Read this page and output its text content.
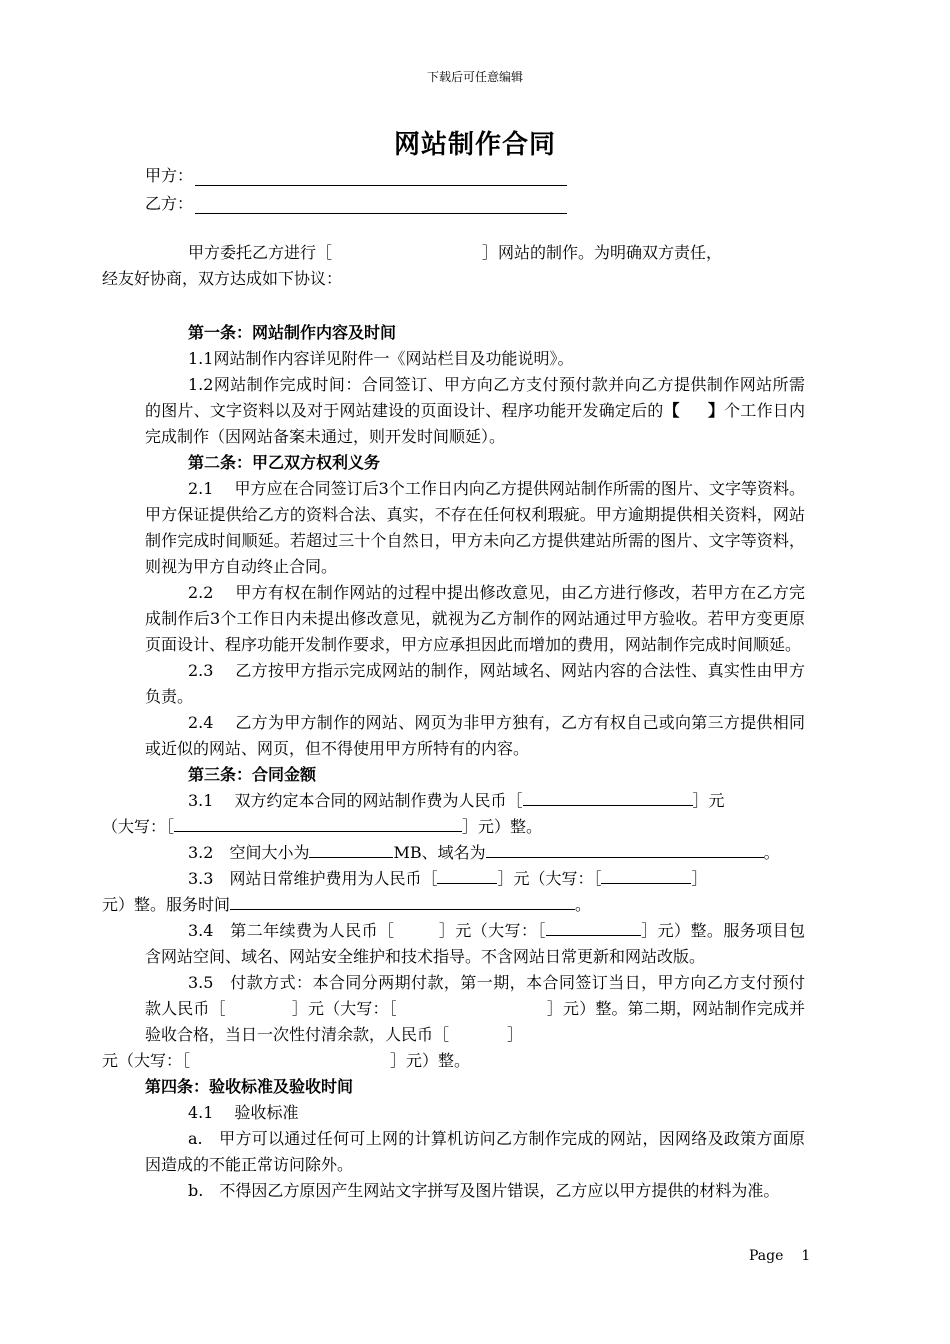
下载后可任意编辑
网站制作合同
甲方：
乙方：

甲方委托乙方进行［	］网站的制作。为明确双方责任，
经友好协商，双方达成如下协议：

第一条：网站制作内容及时间

1.1网站制作内容详见附件一《网站栏目及功能说明》。

1.2网站制作完成时间：合同签订、甲方向乙方支付预付款并向乙方提供制作网站所需的图片、文字资料以及对于网站建设的页面设计、程序功能开发确定后的【 】个工作日内完成制作（因网站备案未通过，则开发时间顺延）。

第二条：甲乙双方权利义务

2.1　 甲方应在合同签订后3个工作日内向乙方提供网站制作所需的图片、文字等资料。甲方保证提供给乙方的资料合法、真实，不存在任何权利瑕疵。甲方逾期提供相关资料，网站制作完成时间顺延。若超过三十个自然日，甲方未向乙方提供建站所需的图片、文字等资料，则视为甲方自动终止合同。

2.2　 甲方有权在制作网站的过程中提出修改意见，由乙方进行修改，若甲方在乙方完成制作后3个工作日内未提出修改意见，就视为乙方制作的网站通过甲方验收。若甲方变更原页面设计、程序功能开发制作要求，甲方应承担因此而增加的费用，网站制作完成时间顺延。

2.3　 乙方按甲方指示完成网站的制作，网站域名、网站内容的合法性、真实性由甲方负责。

2.4　 乙方为甲方制作的网站、网页为非甲方独有，乙方有权自己或向第三方提供相同或近似的网站、网页，但不得使用甲方所特有的内容。

第三条：合同金额

3.1　 双方约定本合同的网站制作费为人民币［	］元
（大写：［	］元）整。

3.2　空间大小为	MB、域名为	。

3.3　网站日常维护费用为人民币［	］元（大写：［	］
元）整。服务时间	。

3.4　第二年续费为人民币［	］元（大写：［	］元）整。服务项目包含网站空间、域名、网站安全维护和技术指导。不含网站日常更新和网站改版。

3.5　付款方式：本合同分两期付款，第一期，本合同签订当日，甲方向乙方支付预付款人民币［	］元（大写：［	］元）整。第二期，网站制作完成并验收合格，当日一次性付清余款，人民币［	］
元（大写：［	］元）整。

第四条：验收标准及验收时间

4.1　 验收标准

a.　甲方可以通过任何可上网的计算机访问乙方制作完成的网站，因网络及政策方面原因造成的不能正常访问除外。

b.　不得因乙方原因产生网站文字拼写及图片错误，乙方应以甲方提供的材料为准。

Page 1
